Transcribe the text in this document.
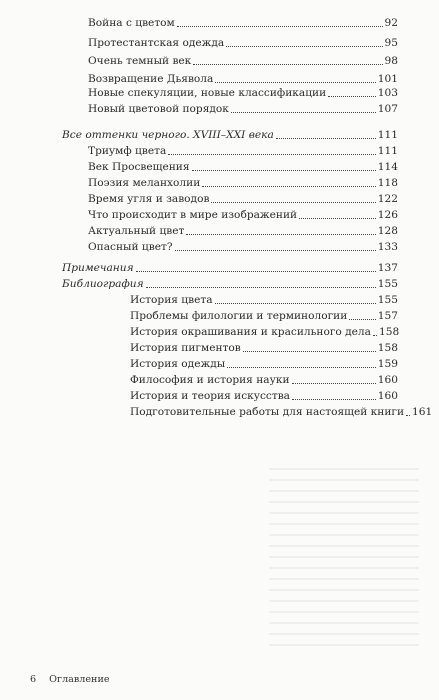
Война с цветом	92
Протестантская одежда	95
Очень темный век	98
Возвращение Дьявола	101
Новые спекуляции, новые классификации	103
Новый цветовой порядок	107
Все оттенки черного. XVIII–XXI века	111
Триумф цвета	111
Век Просвещения	114
Поэзия меланхолии	118
Время угля и заводов	122
Что происходит в мире изображений	126
Актуальный цвет	128
Опасный цвет?	133
Примечания	137
Библиография	155
История цвета	155
Проблемы филологии и терминологии	157
История окрашивания и красильного дела 158
История пигментов	158
История одежды	159
Философия и история науки	160
История и теория искусства	160
Подготовительные работы для настоящей книги 161
6 Оглавление
